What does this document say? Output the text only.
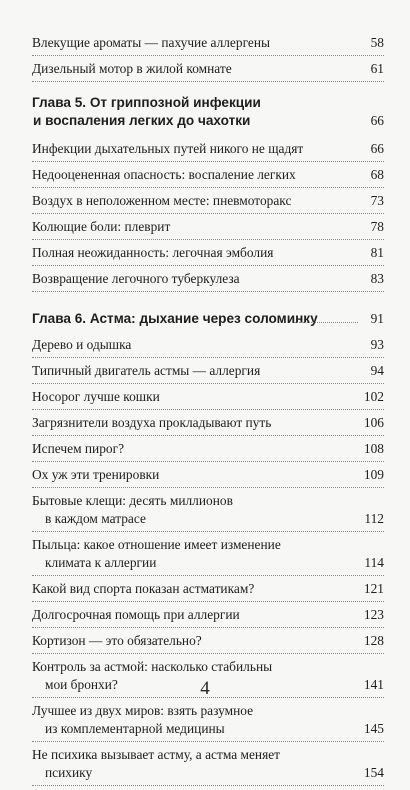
Влекущие ароматы — пахучие аллергены	58
Дизельный мотор в жилой комнате	61
Глава 5. От гриппозной инфекции
и воспаления легких до чахотки	66
Инфекции дыхательных путей никого не щадят	66
Недооцененная опасность: воспаление легких	68
Воздух в неположенном месте: пневмоторакс	73
Колющие боли: плеврит	78
Полная неожиданность: легочная эмболия	81
Возвращение легочного туберкулеза	83
Глава 6. Астма: дыхание через соломинку	91
Дерево и одышка	93
Типичный двигатель астмы — аллергия	94
Носорог лучше кошки	102
Загрязнители воздуха прокладывают путь	106
Испечем пирог?	108
Ох уж эти тренировки	109
Бытовые клещи: десять миллионов
в каждом матрасе	112
Пыльца: какое отношение имеет изменение
климата к аллергии	114
Какой вид спорта показан астматикам?	121
Долгосрочная помощь при аллергии	123
Кортизон — это обязательно?	128
Контроль за астмой: насколько стабильны
мои бронхи?	141
Лучшее из двух миров: взять разумное
из комплементарной медицины	145
Не психика вызывает астму, а астма меняет
психику	154
4
